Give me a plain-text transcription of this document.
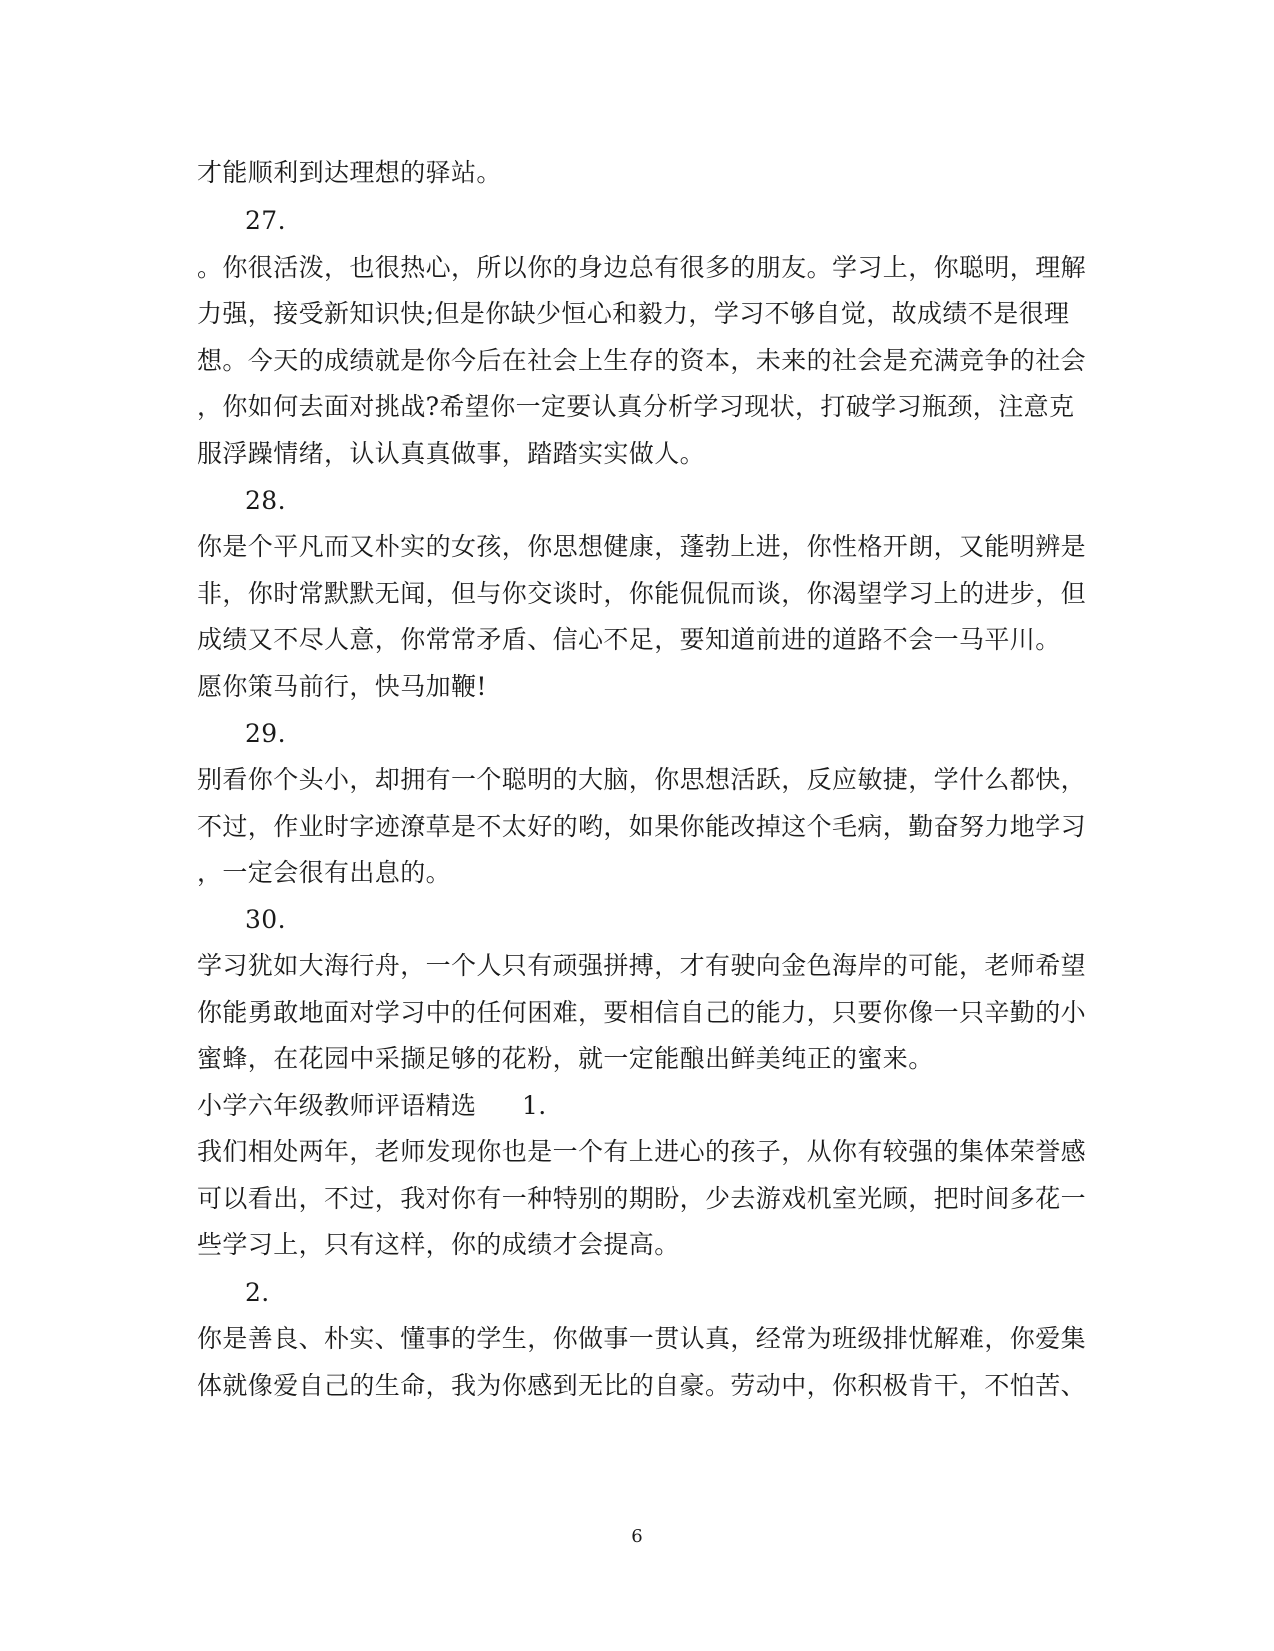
才能顺利到达理想的驿站。
27.
。你很活泼，也很热心，所以你的身边总有很多的朋友。学习上，你聪明，理解
力强，接受新知识快;但是你缺少恒心和毅力，学习不够自觉，故成绩不是很理
想。今天的成绩就是你今后在社会上生存的资本，未来的社会是充满竞争的社会
，你如何去面对挑战?希望你一定要认真分析学习现状，打破学习瓶颈，注意克
服浮躁情绪，认认真真做事，踏踏实实做人。
28.
你是个平凡而又朴实的女孩，你思想健康，蓬勃上进，你性格开朗，又能明辨是
非，你时常默默无闻，但与你交谈时，你能侃侃而谈，你渴望学习上的进步，但
成绩又不尽人意，你常常矛盾、信心不足，要知道前进的道路不会一马平川。
愿你策马前行，快马加鞭!
29.
别看你个头小，却拥有一个聪明的大脑，你思想活跃，反应敏捷，学什么都快，
不过，作业时字迹潦草是不太好的哟，如果你能改掉这个毛病，勤奋努力地学习
，一定会很有出息的。
30.
学习犹如大海行舟，一个人只有顽强拼搏，才有驶向金色海岸的可能，老师希望
你能勇敢地面对学习中的任何困难，要相信自己的能力，只要你像一只辛勤的小
蜜蜂，在花园中采撷足够的花粉，就一定能酿出鲜美纯正的蜜来。
小学六年级教师评语精选	1.
我们相处两年，老师发现你也是一个有上进心的孩子，从你有较强的集体荣誉感
可以看出，不过，我对你有一种特别的期盼，少去游戏机室光顾，把时间多花一
些学习上，只有这样，你的成绩才会提高。
2.
你是善良、朴实、懂事的学生，你做事一贯认真，经常为班级排忧解难，你爱集
体就像爱自己的生命，我为你感到无比的自豪。劳动中，你积极肯干，不怕苦、
6
